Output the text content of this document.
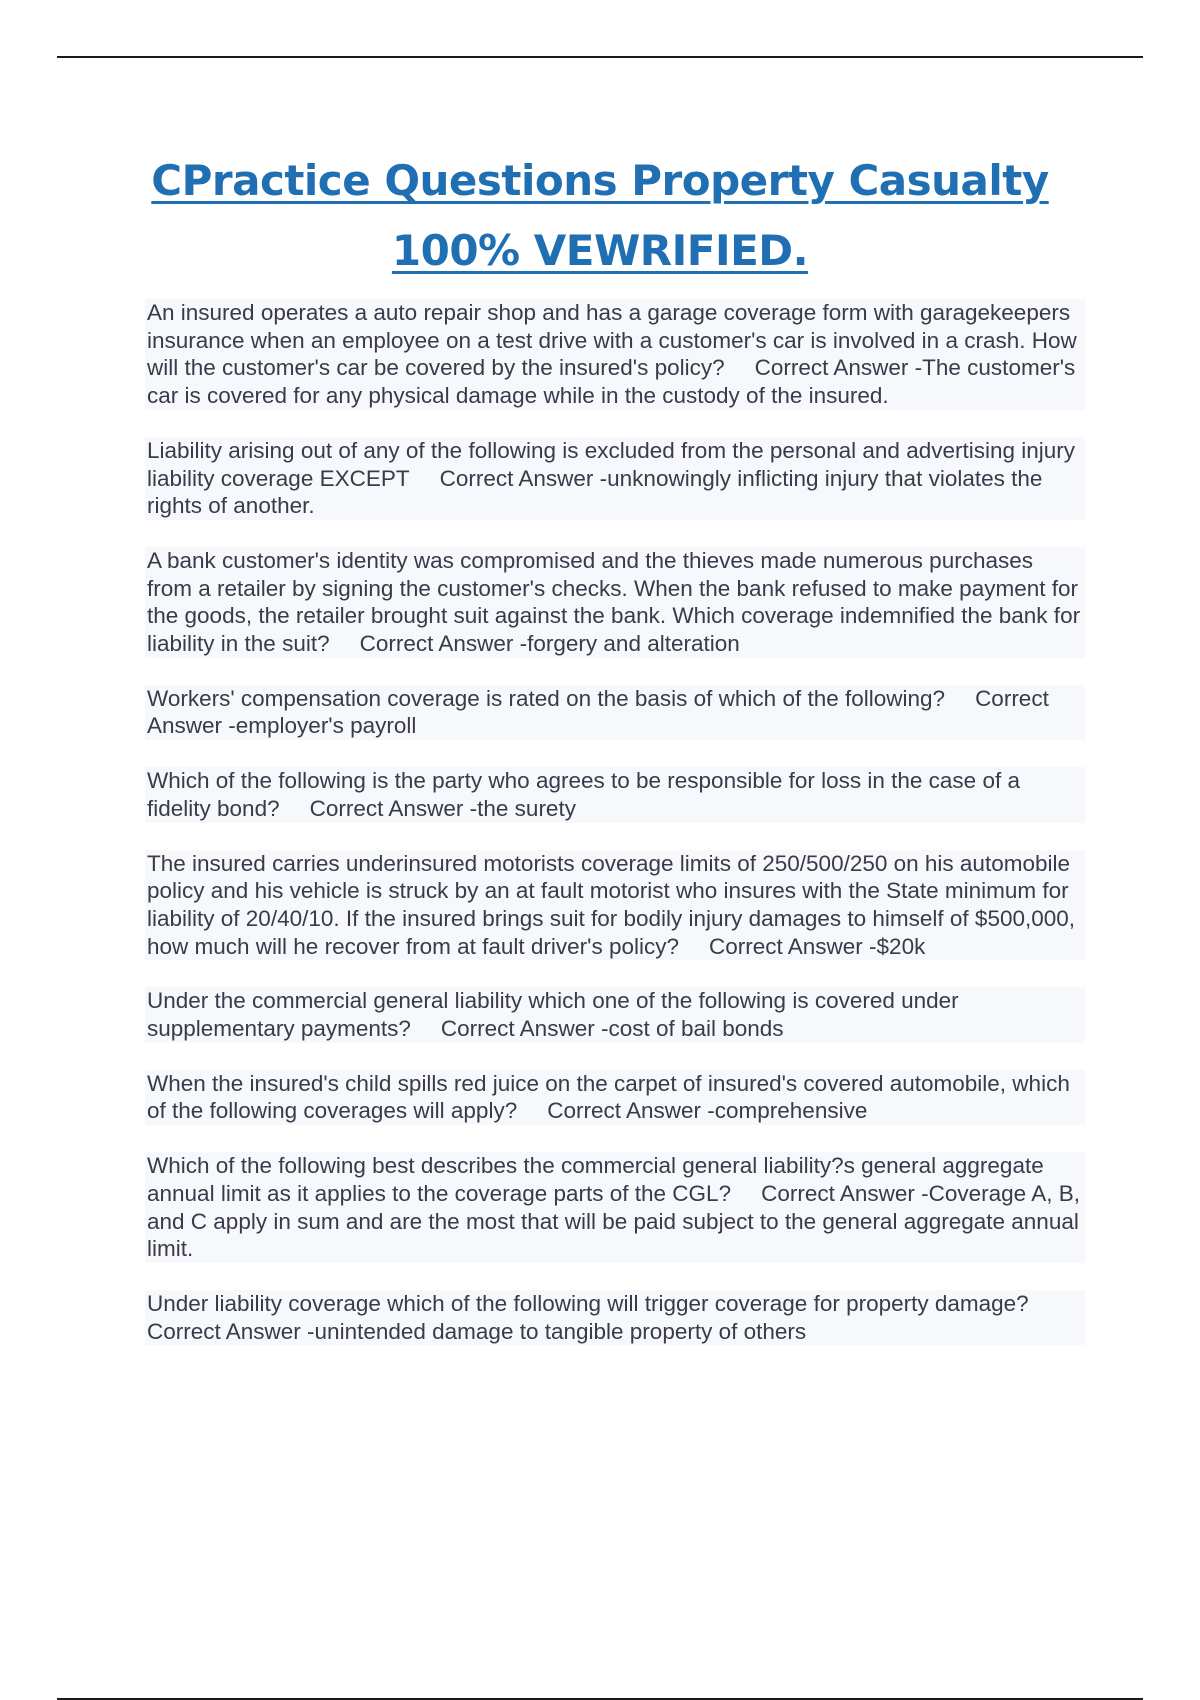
CPractice Questions Property Casualty
100% VEWRIFIED.
An insured operates a auto repair shop and has a garage coverage form with garagekeepers insurance when an employee on a test drive with a customer's car is involved in a crash. How will the customer's car be covered by the insured's policy? Correct Answer -The customer's car is covered for any physical damage while in the custody of the insured.
Liability arising out of any of the following is excluded from the personal and advertising injury liability coverage EXCEPT Correct Answer -unknowingly inflicting injury that violates the rights of another.
A bank customer's identity was compromised and the thieves made numerous purchases from a retailer by signing the customer's checks. When the bank refused to make payment for the goods, the retailer brought suit against the bank. Which coverage indemnified the bank for liability in the suit? Correct Answer -forgery and alteration
Workers' compensation coverage is rated on the basis of which of the following? Correct Answer -employer's payroll
Which of the following is the party who agrees to be responsible for loss in the case of a fidelity bond? Correct Answer -the surety
The insured carries underinsured motorists coverage limits of 250/500/250 on his automobile policy and his vehicle is struck by an at fault motorist who insures with the State minimum for liability of 20/40/10. If the insured brings suit for bodily injury damages to himself of $500,000, how much will he recover from at fault driver's policy? Correct Answer -$20k
Under the commercial general liability which one of the following is covered under supplementary payments? Correct Answer -cost of bail bonds
When the insured's child spills red juice on the carpet of insured's covered automobile, which of the following coverages will apply? Correct Answer -comprehensive
Which of the following best describes the commercial general liability?s general aggregate annual limit as it applies to the coverage parts of the CGL? Correct Answer -Coverage A, B, and C apply in sum and are the most that will be paid subject to the general aggregate annual limit.
Under liability coverage which of the following will trigger coverage for property damage?Correct Answer -unintended damage to tangible property of others
